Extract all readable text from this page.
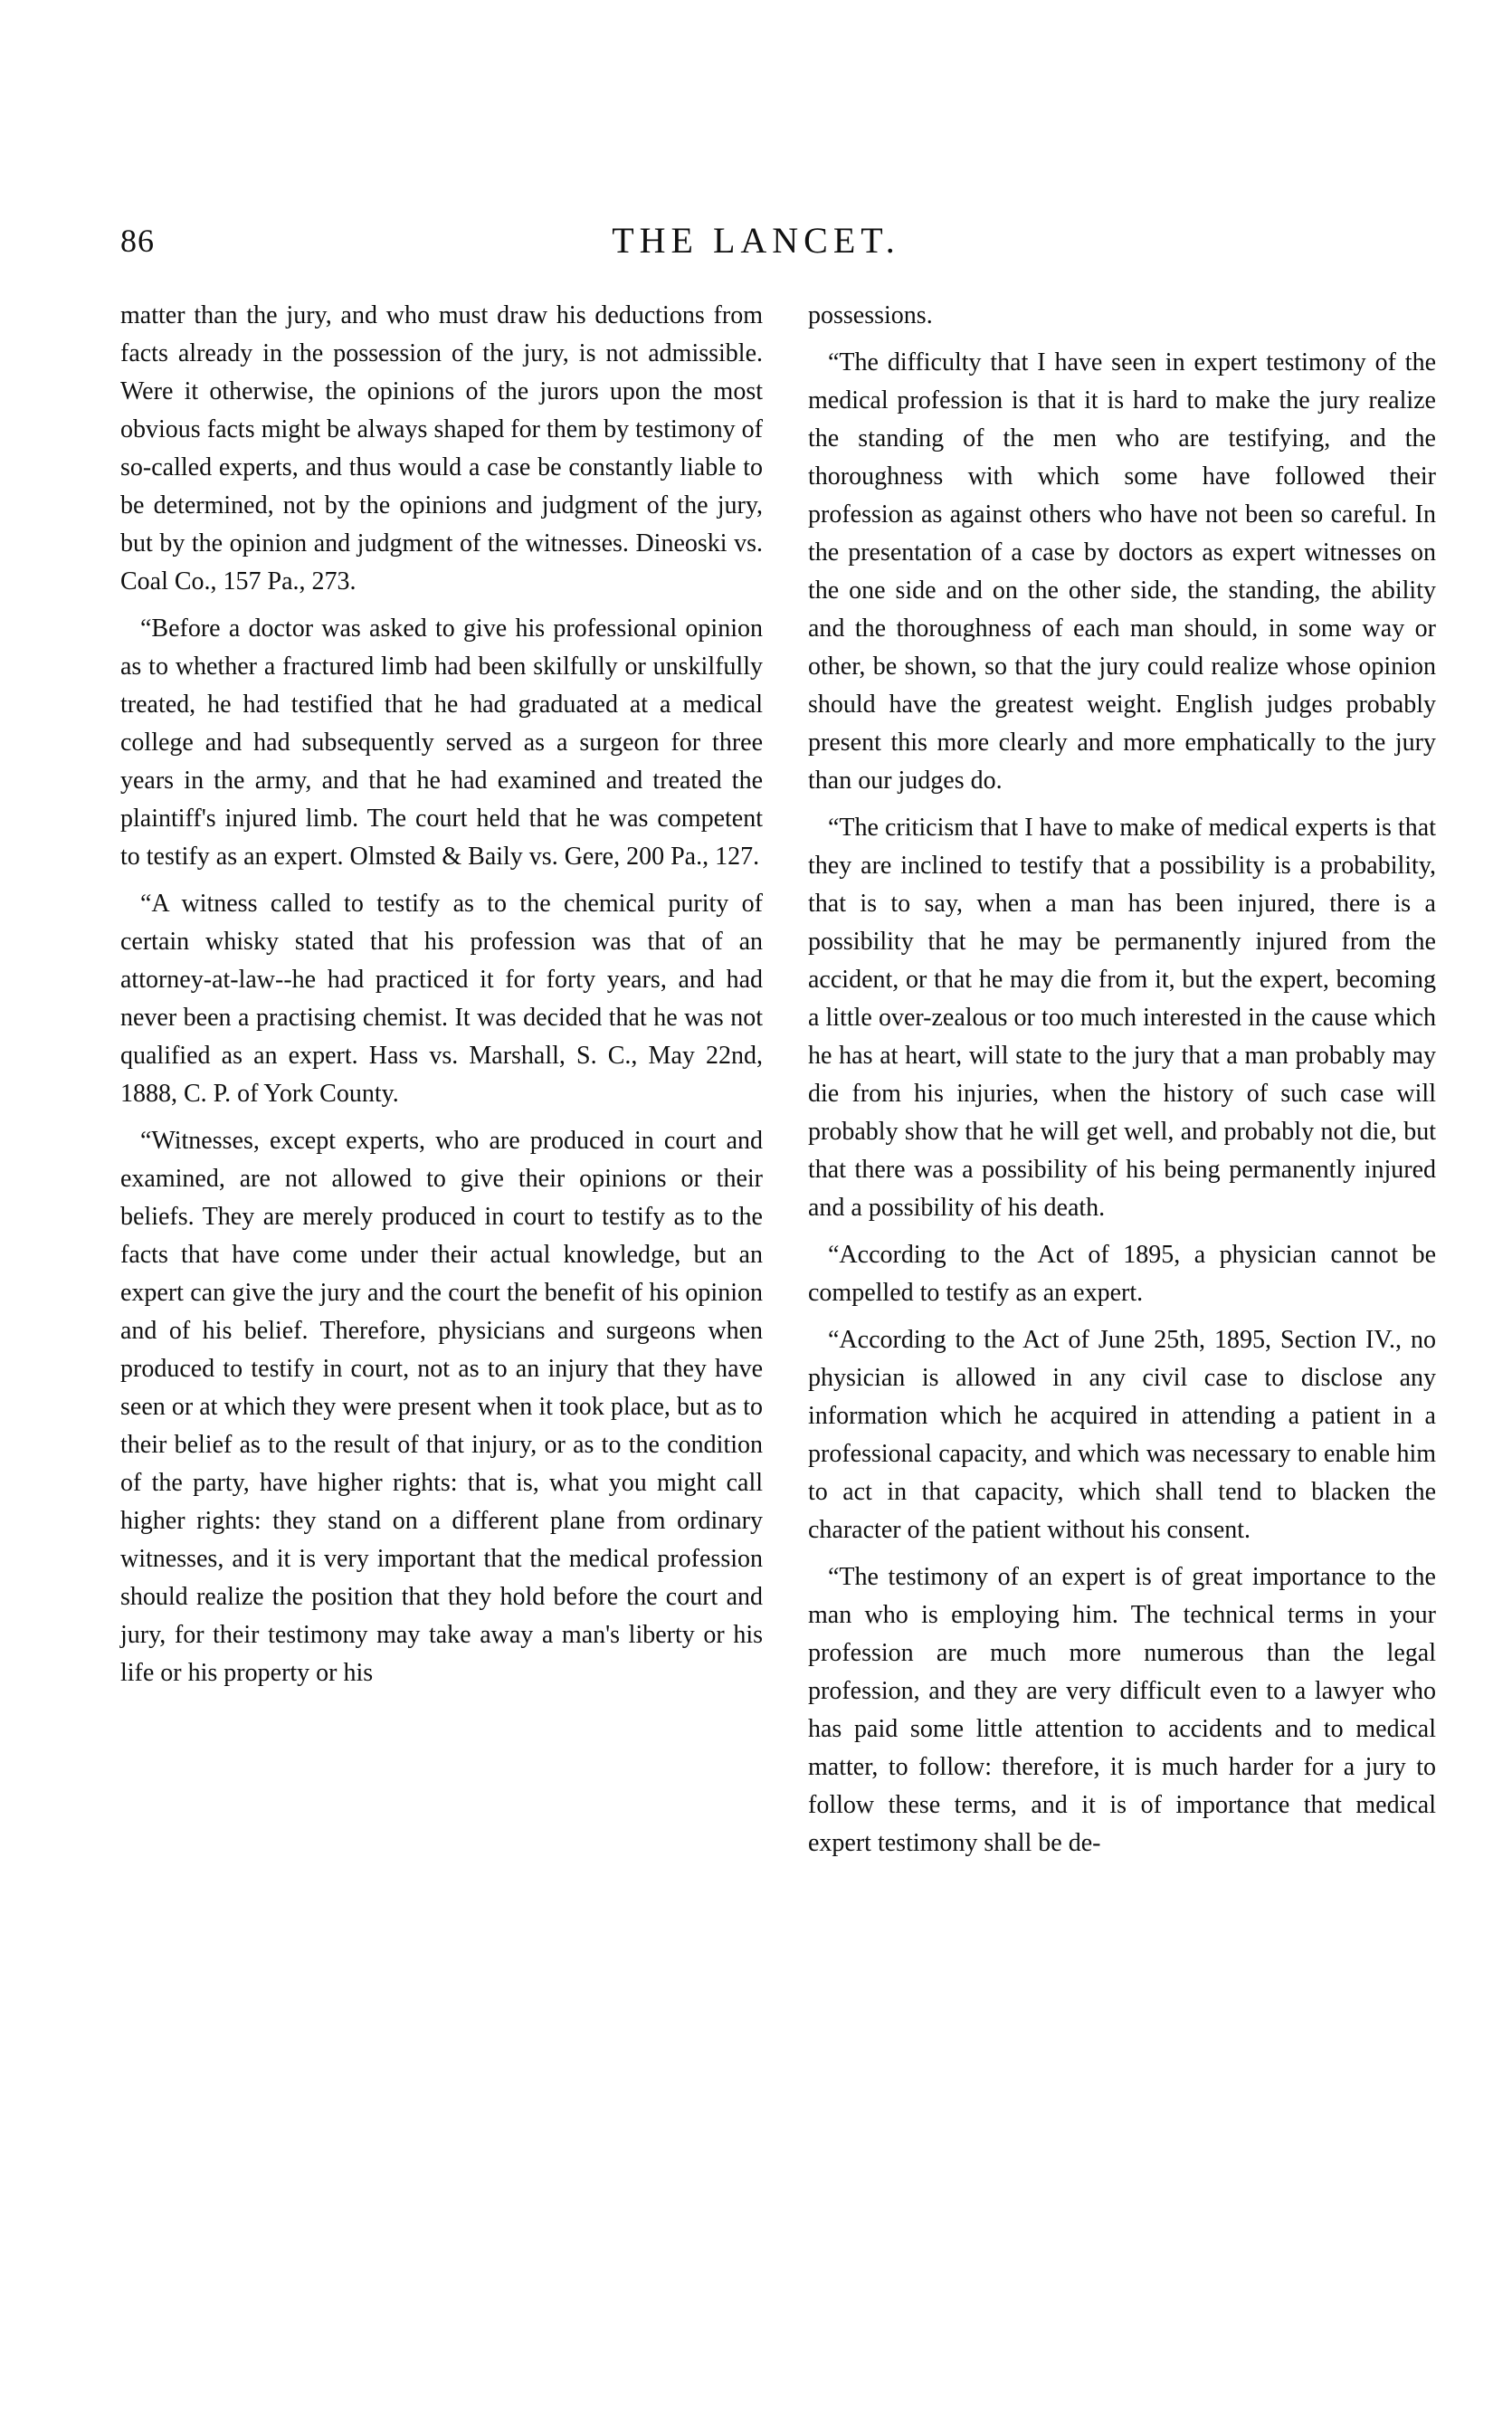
86	THE LANCET.

matter than the jury, and who must draw his deductions from facts already in the possession of the jury, is not admissible. Were it otherwise, the opinions of the jurors upon the most obvious facts might be always shaped for them by testimony of so-called experts, and thus would a case be constantly liable to be determined, not by the opinions and judgment of the jury, but by the opinion and judgment of the witnesses. Dineoski vs. Coal Co., 157 Pa., 273.

“Before a doctor was asked to give his professional opinion as to whether a fractured limb had been skilfully or unskilfully treated, he had testified that he had graduated at a medical college and had subsequently served as a surgeon for three years in the army, and that he had examined and treated the plaintiff's injured limb. The court held that he was competent to testify as an expert. Olmsted & Baily vs. Gere, 200 Pa., 127.

“A witness called to testify as to the chemical purity of certain whisky stated that his profession was that of an attorney-at-law--he had practiced it for forty years, and had never been a practising chemist. It was decided that he was not qualified as an expert. Hass vs. Marshall, S. C., May 22nd, 1888, C. P. of York County.

“Witnesses, except experts, who are produced in court and examined, are not allowed to give their opinions or their beliefs. They are merely produced in court to testify as to the facts that have come under their actual knowledge, but an expert can give the jury and the court the benefit of his opinion and of his belief. Therefore, physicians and surgeons when produced to testify in court, not as to an injury that they have seen or at which they were present when it took place, but as to their belief as to the result of that injury, or as to the condition of the party, have higher rights: that is, what you might call higher rights: they stand on a different plane from ordinary witnesses, and it is very important that the medical profession should realize the position that they hold before the court and jury, for their testimony may take away a man's liberty or his life or his property or his

possessions.

“The difficulty that I have seen in expert testimony of the medical profession is that it is hard to make the jury realize the standing of the men who are testifying, and the thoroughness with which some have followed their profession as against others who have not been so careful. In the presentation of a case by doctors as expert witnesses on the one side and on the other side, the standing, the ability and the thoroughness of each man should, in some way or other, be shown, so that the jury could realize whose opinion should have the greatest weight. English judges probably present this more clearly and more emphatically to the jury than our judges do.

“The criticism that I have to make of medical experts is that they are inclined to testify that a possibility is a probability, that is to say, when a man has been injured, there is a possibility that he may be permanently injured from the accident, or that he may die from it, but the expert, becoming a little over-zealous or too much interested in the cause which he has at heart, will state to the jury that a man probably may die from his injuries, when the history of such case will probably show that he will get well, and probably not die, but that there was a possibility of his being permanently injured and a possibility of his death.

“According to the Act of 1895, a physician cannot be compelled to testify as an expert.

“According to the Act of June 25th, 1895, Section IV., no physician is allowed in any civil case to disclose any information which he acquired in attending a patient in a professional capacity, and which was necessary to enable him to act in that capacity, which shall tend to blacken the character of the patient without his consent.

“The testimony of an expert is of great importance to the man who is employing him. The technical terms in your profession are much more numerous than the legal profession, and they are very difficult even to a lawyer who has paid some little attention to accidents and to medical matter, to follow: therefore, it is much harder for a jury to follow these terms, and it is of importance that medical expert testimony shall be de-
